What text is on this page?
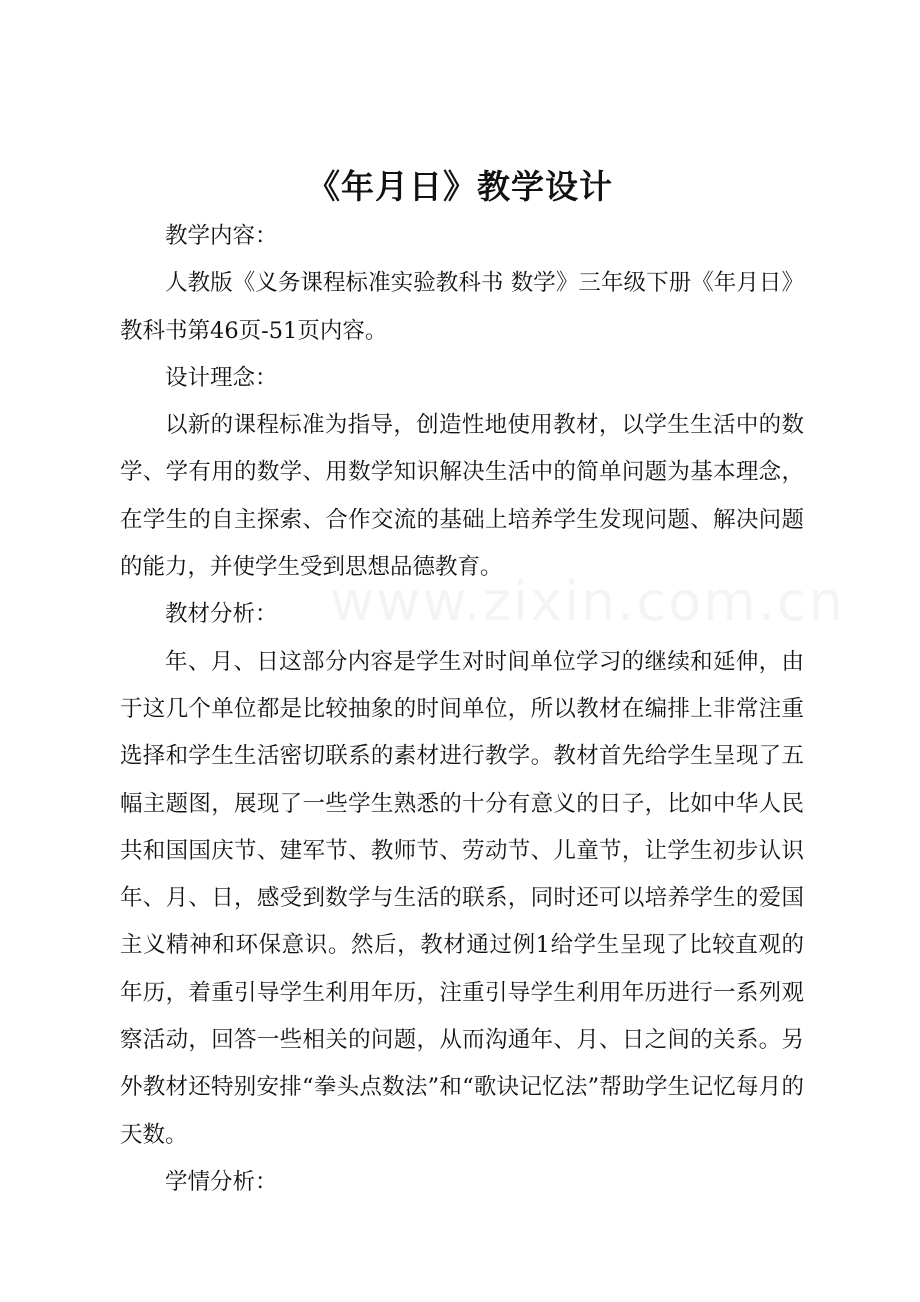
《年月日》教学设计

教学内容：

人教版《义务课程标准实验教科书 数学》三年级下册《年月日》教科书第46页-51页内容。

设计理念：

以新的课程标准为指导，创造性地使用教材，以学生生活中的数学、学有用的数学、用数学知识解决生活中的简单问题为基本理念，在学生的自主探索、合作交流的基础上培养学生发现问题、解决问题的能力，并使学生受到思想品德教育。

教材分析：

年、月、日这部分内容是学生对时间单位学习的继续和延伸，由于这几个单位都是比较抽象的时间单位，所以教材在编排上非常注重选择和学生生活密切联系的素材进行教学。教材首先给学生呈现了五幅主题图，展现了一些学生熟悉的十分有意义的日子，比如中华人民共和国国庆节、建军节、教师节、劳动节、儿童节，让学生初步认识年、月、日，感受到数学与生活的联系，同时还可以培养学生的爱国主义精神和环保意识。然后，教材通过例1给学生呈现了比较直观的年历，着重引导学生利用年历，注重引导学生利用年历进行一系列观察活动，回答一些相关的问题，从而沟通年、月、日之间的关系。另外教材还特别安排“拳头点数法”和“歌诀记忆法”帮助学生记忆每月的天数。

学情分析：
